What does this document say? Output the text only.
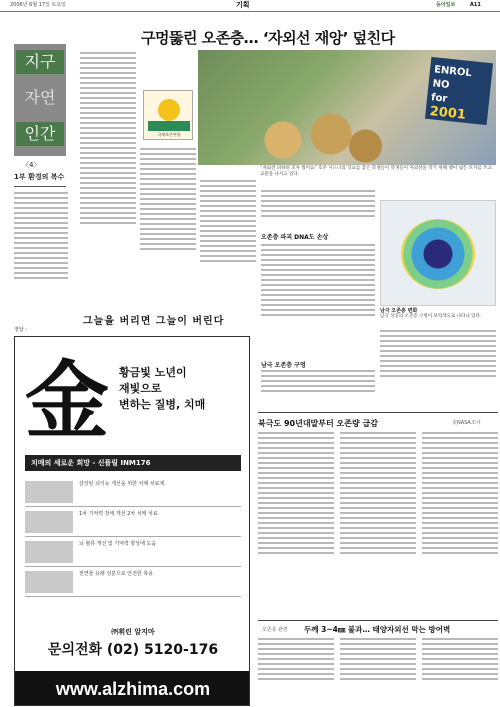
2006년 6월 17일 토요일	기획	동아일보	A11
지구
자연
인간
〈4〉
1부 환경의 복수
구멍뚫린 오존층… ‘자외선 재앙’ 덮친다
국제보존연합
ENROL NO
for
2001
“자외선 피하려 모자 썼어요” 호주 시드니의 학교를 찾은 학생들이 학생들이 자외선을 막기 위해 챙이 넓은 모자를 쓰고 교문을 나서고 있다.
오존층 파괴 DNA도 손상
남극 오존층 구멍
남극 오존층 변화
남극 상공의 오존층 구멍이 보라색으로 나타나 있다.
북극도 90년대말부터 오존량 급감	美NASA조사
오존층 관련 두께 3~4㎜ 불과… 태양자외선 막는 방어벽
정답 :
그늘을 버리면 그늘이 버린다
金 황금빛 노년이
재빛으로
변하는 질병, 치매
치매의 세로운 희망 - 신플릴 INM176
감상된 뇌기능 개선을 위한 치매 치료제
1차 기억력 장애 개선 2차 치매 치료
뇌 혈류 개선 및 기억력 향상에 도움
천연물 유래 성분으로 안전한 복용
㈜휘린 알지마
문의전화 (02) 5120-176
www.alzhima.com
